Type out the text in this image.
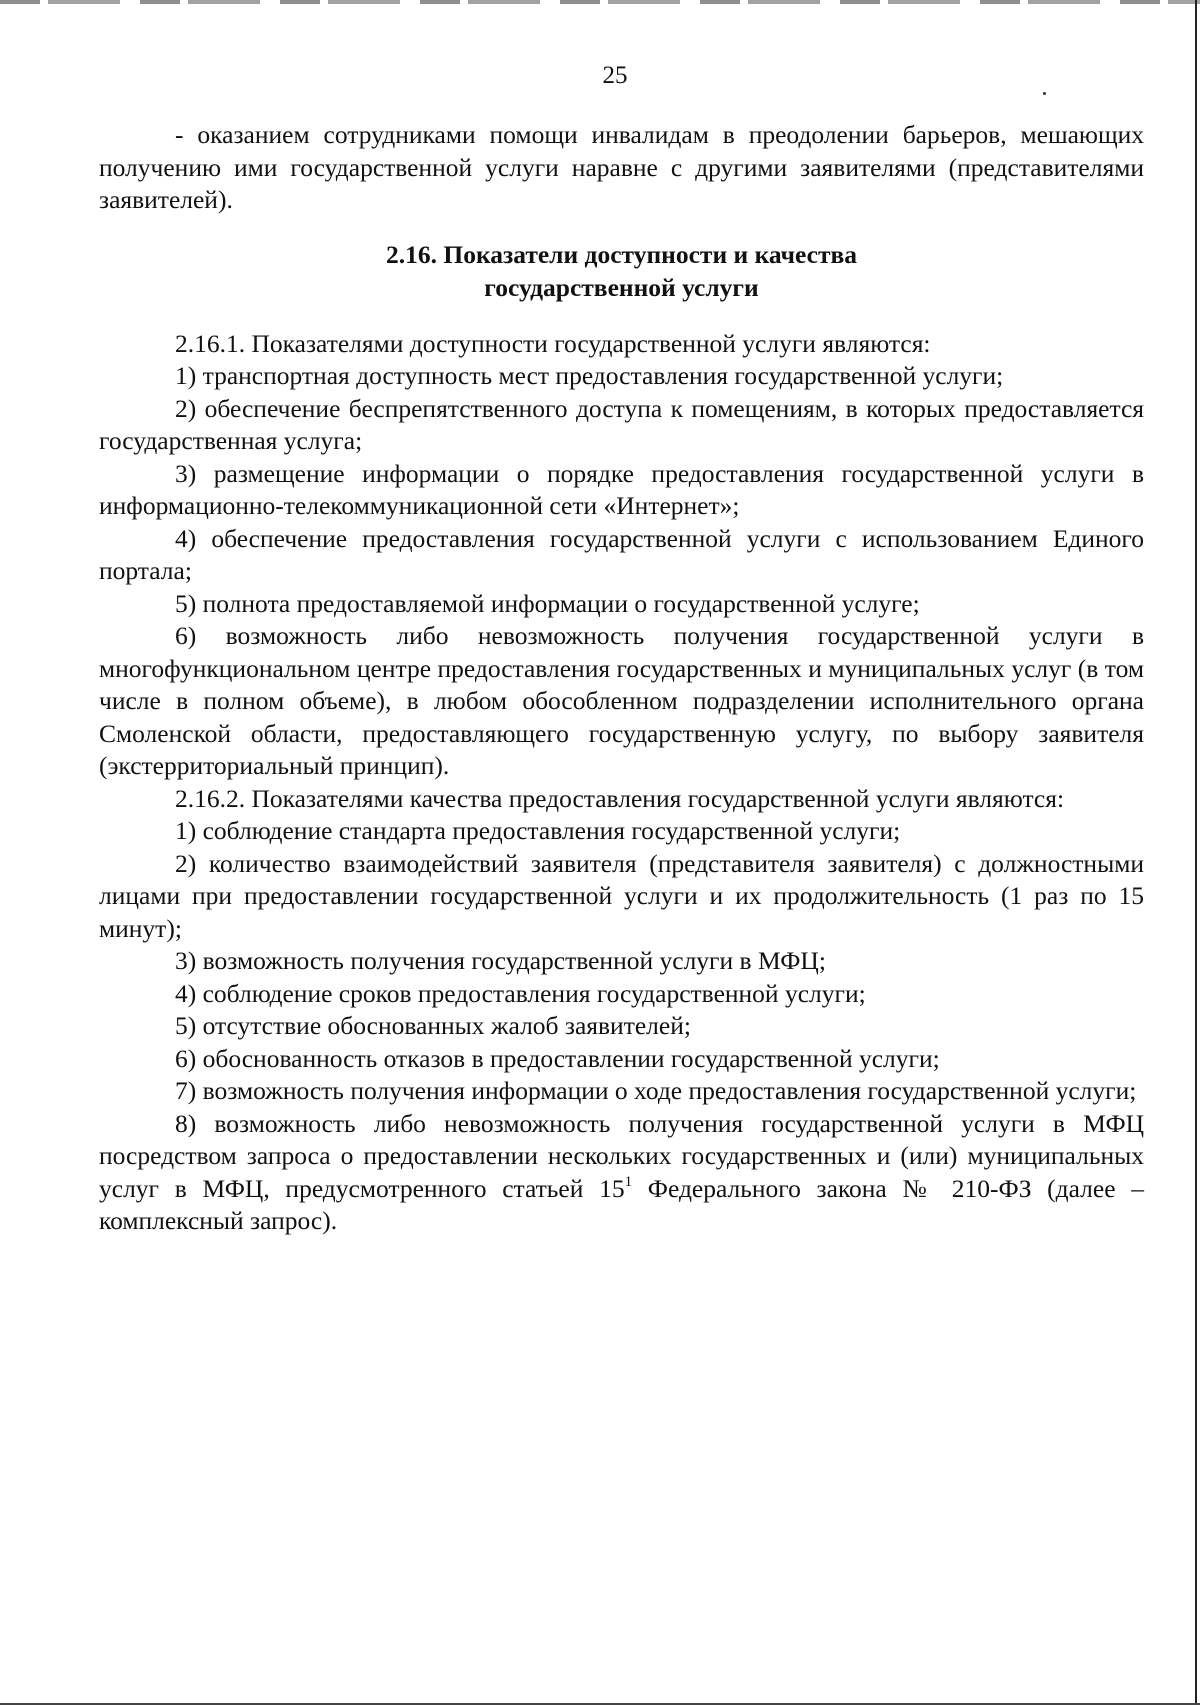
25

- оказанием сотрудниками помощи инвалидам в преодолении барьеров, мешающих получению ими государственной услуги наравне с другими заявителями (представителями заявителей).

2.16. Показатели доступности и качества
государственной услуги

2.16.1. Показателями доступности государственной услуги являются:

1) транспортная доступность мест предоставления государственной услуги;

2) обеспечение беспрепятственного доступа к помещениям, в которых предоставляется государственная услуга;

3) размещение информации о порядке предоставления государственной услуги в информационно-телекоммуникационной сети «Интернет»;

4) обеспечение предоставления государственной услуги с использованием Единого портала;

5) полнота предоставляемой информации о государственной услуге;

6) возможность либо невозможность получения государственной услуги в многофункциональном центре предоставления государственных и муниципальных услуг (в том числе в полном объеме), в любом обособленном подразделении исполнительного органа Смоленской области, предоставляющего государственную услугу, по выбору заявителя (экстерриториальный принцип).

2.16.2. Показателями качества предоставления государственной услуги являются:

1) соблюдение стандарта предоставления государственной услуги;

2) количество взаимодействий заявителя (представителя заявителя) с должностными лицами при предоставлении государственной услуги и их продолжительность (1 раз по 15 минут);

3) возможность получения государственной услуги в МФЦ;

4) соблюдение сроков предоставления государственной услуги;

5) отсутствие обоснованных жалоб заявителей;

6) обоснованность отказов в предоставлении государственной услуги;

7) возможность получения информации о ходе предоставления государственной услуги;

8) возможность либо невозможность получения государственной услуги в МФЦ посредством запроса о предоставлении нескольких государственных и (или) муниципальных услуг в МФЦ, предусмотренного статьей $15^1$ Федерального закона № 210-ФЗ (далее – комплексный запрос).
